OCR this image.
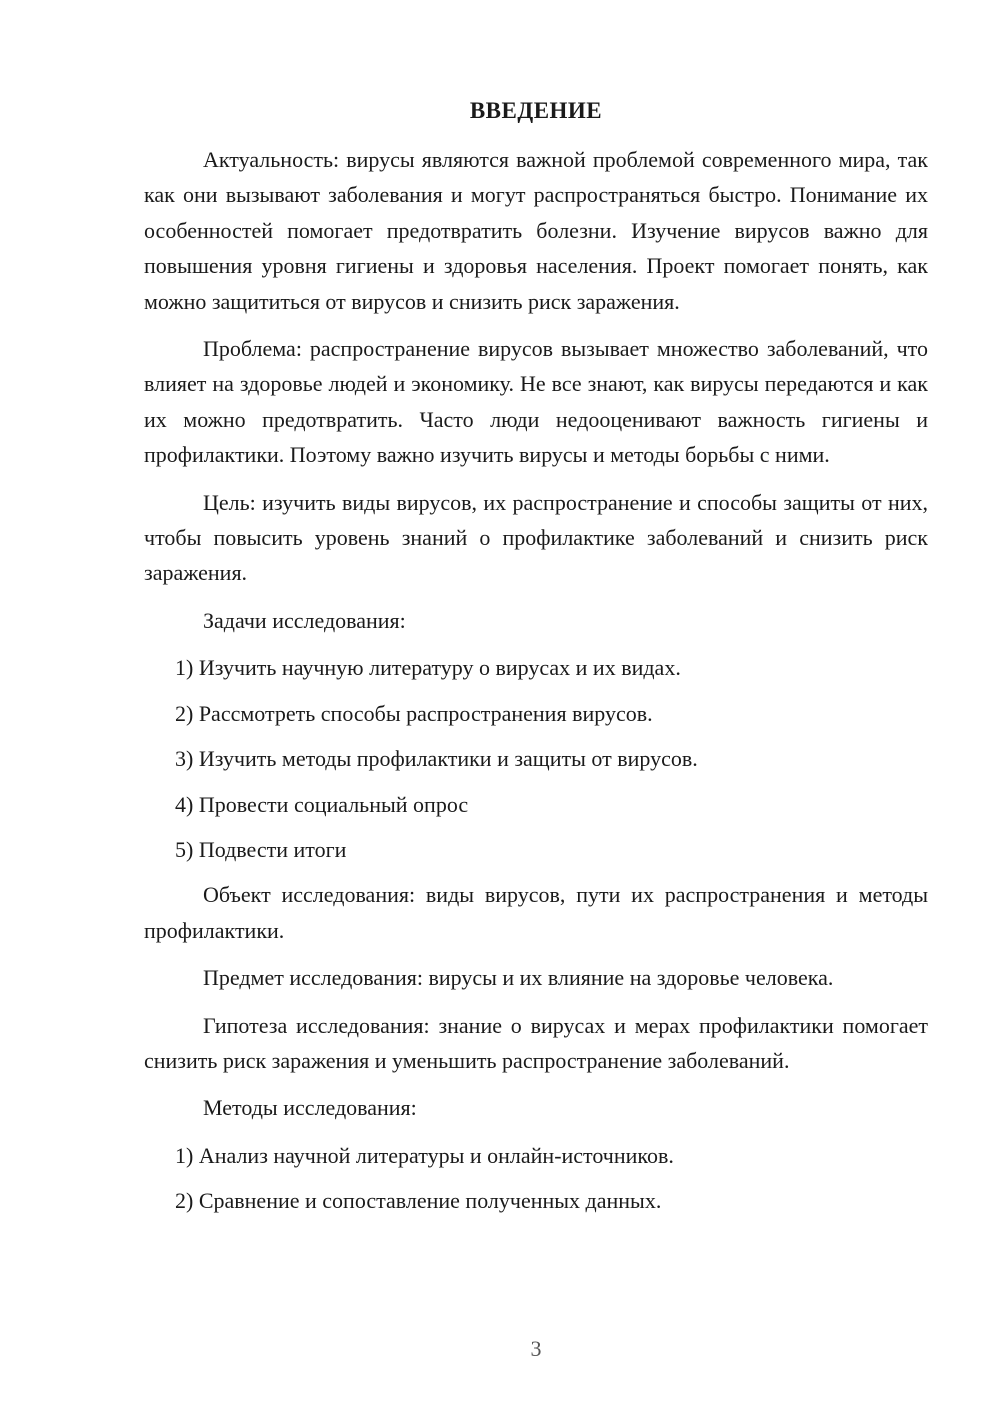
ВВЕДЕНИЕ

Актуальность: вирусы являются важной проблемой современного мира, так как они вызывают заболевания и могут распространяться быстро. Понимание их особенностей помогает предотвратить болезни. Изучение вирусов важно для повышения уровня гигиены и здоровья населения. Проект помогает понять, как можно защититься от вирусов и снизить риск заражения.

Проблема: распространение вирусов вызывает множество заболеваний, что влияет на здоровье людей и экономику. Не все знают, как вирусы передаются и как их можно предотвратить. Часто люди недооценивают важность гигиены и профилактики. Поэтому важно изучить вирусы и методы борьбы с ними.

Цель: изучить виды вирусов, их распространение и способы защиты от них, чтобы повысить уровень знаний о профилактике заболеваний и снизить риск заражения.

Задачи исследования:

1) Изучить научную литературу о вирусах и их видах.

2) Рассмотреть способы распространения вирусов.

3) Изучить методы профилактики и защиты от вирусов.

4) Провести социальный опрос

5) Подвести итоги

Объект исследования: виды вирусов, пути их распространения и методы профилактики.

Предмет исследования: вирусы и их влияние на здоровье человека.

Гипотеза исследования: знание о вирусах и мерах профилактики помогает снизить риск заражения и уменьшить распространение заболеваний.

Методы исследования:

1) Анализ научной литературы и онлайн-источников.

2) Сравнение и сопоставление полученных данных.

3
